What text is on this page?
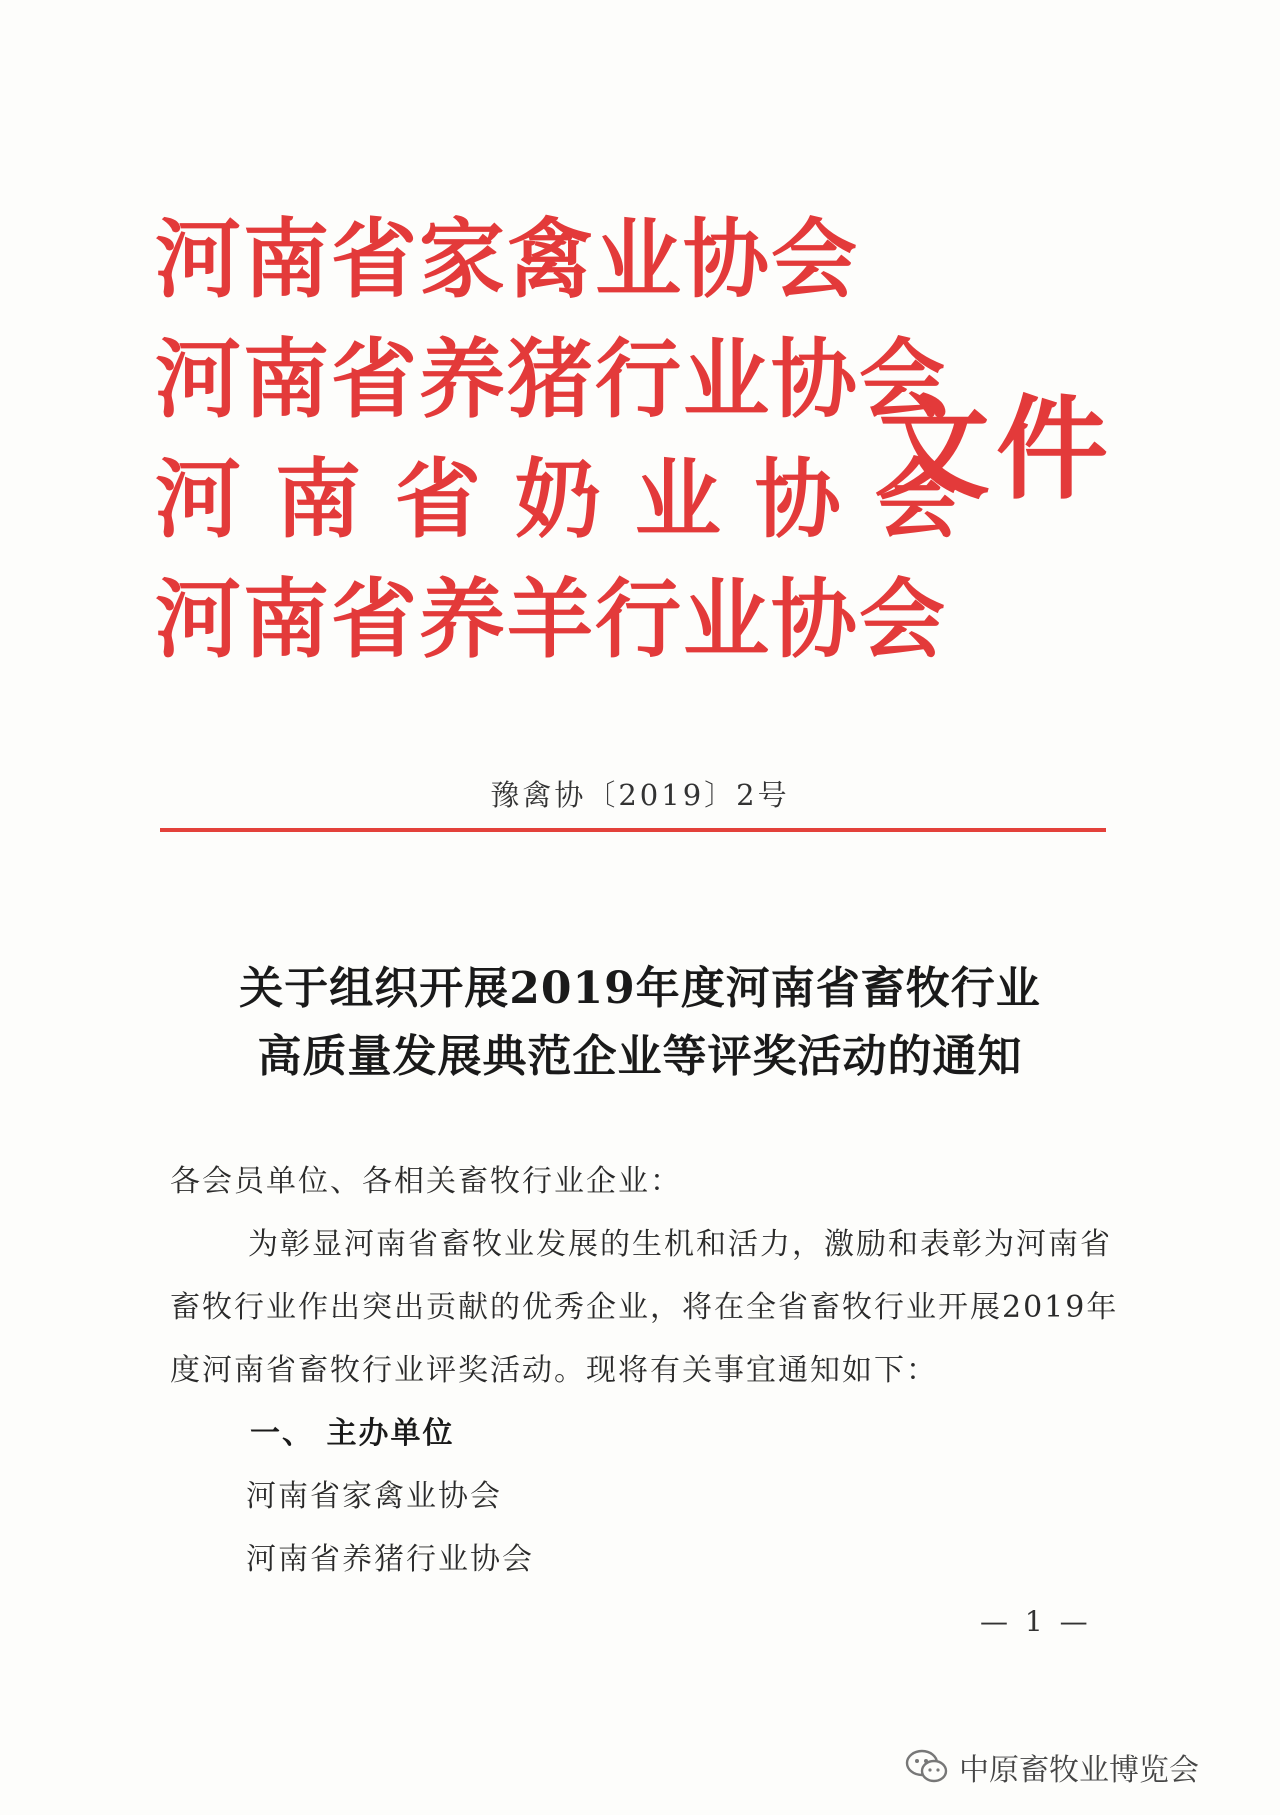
河南省家禽业协会
河南省养猪行业协会
河 南 省 奶 业 协 会
河南省养羊行业协会
文件
豫禽协〔2019〕2号
关于组织开展2019年度河南省畜牧行业
高质量发展典范企业等评奖活动的通知

各会员单位、各相关畜牧行业企业：

为彰显河南省畜牧业发展的生机和活力，激励和表彰为河南省畜牧行业作出突出贡献的优秀企业，将在全省畜牧行业开展2019年度河南省畜牧行业评奖活动。现将有关事宜通知如下：

一、 主办单位

河南省家禽业协会

河南省养猪行业协会

— 1 —
中原畜牧业博览会
